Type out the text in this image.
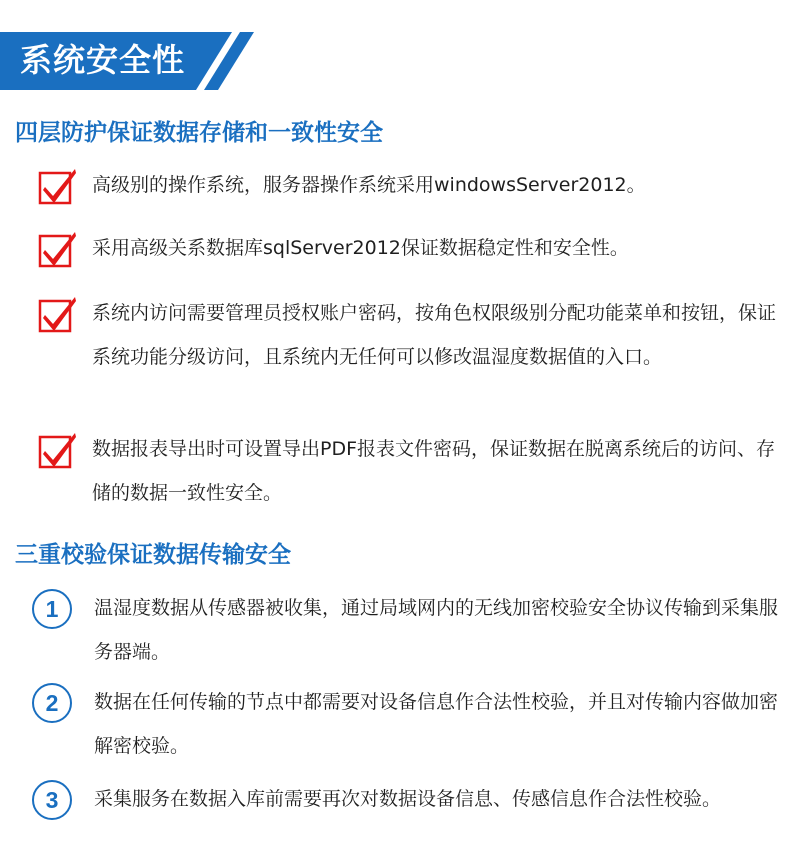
系统安全性
四层防护保证数据存储和一致性安全
高级别的操作系统，服务器操作系统采用windowsServer2012。
采用高级关系数据库sqlServer2012保证数据稳定性和安全性。
系统内访问需要管理员授权账户密码，按角色权限级别分配功能菜单和按钮，保证系统功能分级访问，且系统内无任何可以修改温湿度数据值的入口。
数据报表导出时可设置导出PDF报表文件密码，保证数据在脱离系统后的访问、存储的数据一致性安全。
三重校验保证数据传输安全
1	温湿度数据从传感器被收集，通过局域网内的无线加密校验安全协议传输到采集服务器端。
2	数据在任何传输的节点中都需要对设备信息作合法性校验，并且对传输内容做加密解密校验。
3	采集服务在数据入库前需要再次对数据设备信息、传感信息作合法性校验。
